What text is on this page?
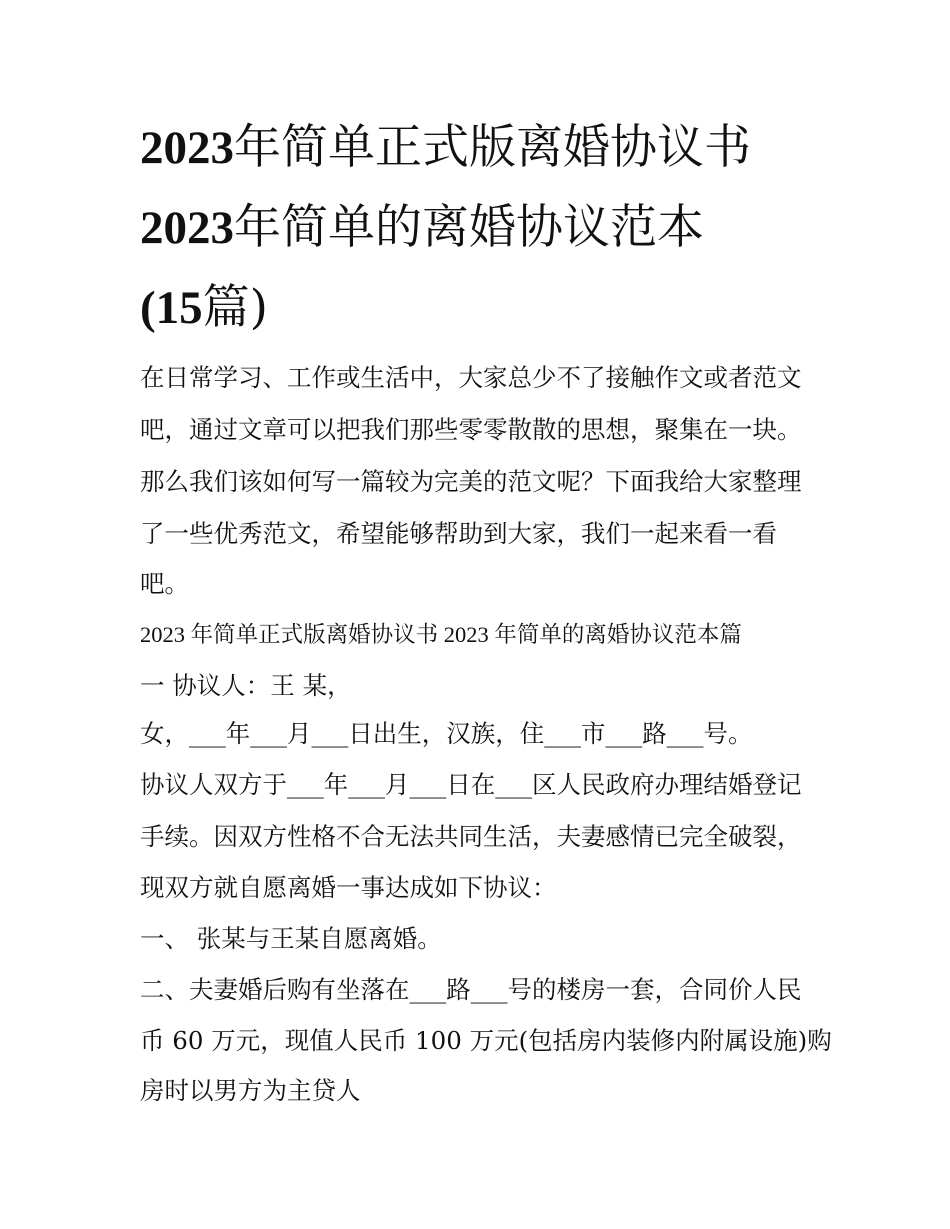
2023年简单正式版离婚协议书
2023年简单的离婚协议范本
(15篇)

在日常学习、工作或生活中，大家总少不了接触作文或者范文

吧，通过文章可以把我们那些零零散散的思想，聚集在一块。

那么我们该如何写一篇较为完美的范文呢？下面我给大家整理

了一些优秀范文，希望能够帮助到大家，我们一起来看一看

吧。

2023 年简单正式版离婚协议书 2023 年简单的离婚协议范本篇

一 协议人：王 某，

女，___年___月___日出生，汉族，住___市___路___号。

协议人双方于___年___月___日在___区人民政府办理结婚登记

手续。因双方性格不合无法共同生活，夫妻感情已完全破裂，

现双方就自愿离婚一事达成如下协议：

一、 张某与王某自愿离婚。

二、夫妻婚后购有坐落在___路___号的楼房一套，合同价人民

币 60 万元，现值人民币 100 万元(包括房内装修内附属设施)购

房时以男方为主贷人
